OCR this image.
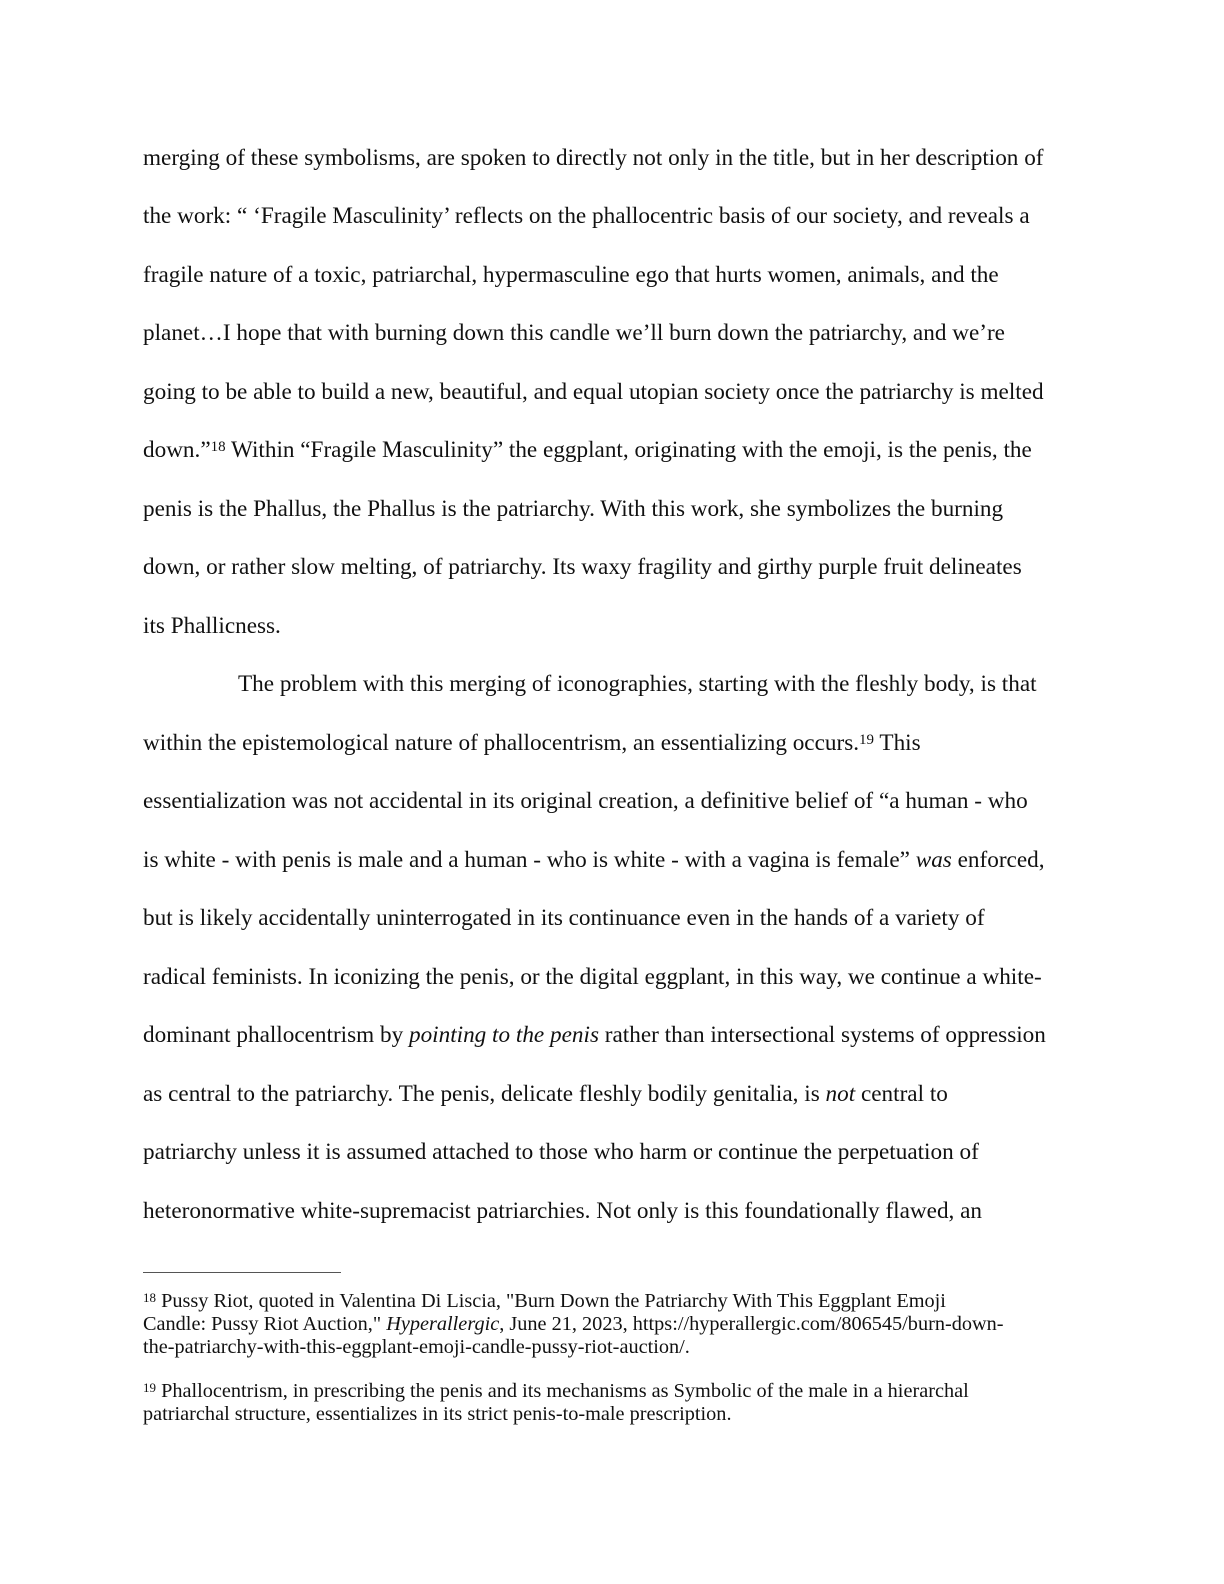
merging of these symbolisms, are spoken to directly not only in the title, but in her description of
the work: “ ‘Fragile Masculinity’ reflects on the phallocentric basis of our society, and reveals a
fragile nature of a toxic, patriarchal, hypermasculine ego that hurts women, animals, and the
planet…I hope that with burning down this candle we’ll burn down the patriarchy, and we’re
going to be able to build a new, beautiful, and equal utopian society once the patriarchy is melted
down.”$^{18}$ Within “Fragile Masculinity” the eggplant, originating with the emoji, is the penis, the
penis is the Phallus, the Phallus is the patriarchy. With this work, she symbolizes the burning
down, or rather slow melting, of patriarchy. Its waxy fragility and girthy purple fruit delineates
its Phallicness.
The problem with this merging of iconographies, starting with the fleshly body, is that
within the epistemological nature of phallocentrism, an essentializing occurs.$^{19}$ This
essentialization was not accidental in its original creation, a definitive belief of “a human - who
is white - with penis is male and a human - who is white - with a vagina is female” was enforced,
but is likely accidentally uninterrogated in its continuance even in the hands of a variety of
radical feminists. In iconizing the penis, or the digital eggplant, in this way, we continue a white-
dominant phallocentrism by pointing to the penis rather than intersectional systems of oppression
as central to the patriarchy. The penis, delicate fleshly bodily genitalia, is not central to
patriarchy unless it is assumed attached to those who harm or continue the perpetuation of
heteronormative white-supremacist patriarchies. Not only is this foundationally flawed, an
$^{18}$ Pussy Riot, quoted in Valentina Di Liscia, "Burn Down the Patriarchy With This Eggplant Emoji
Candle: Pussy Riot Auction," Hyperallergic, June 21, 2023, https://hyperallergic.com/806545/burn-down-
the-patriarchy-with-this-eggplant-emoji-candle-pussy-riot-auction/.
$^{19}$ Phallocentrism, in prescribing the penis and its mechanisms as Symbolic of the male in a hierarchal
patriarchal structure, essentializes in its strict penis-to-male prescription.
